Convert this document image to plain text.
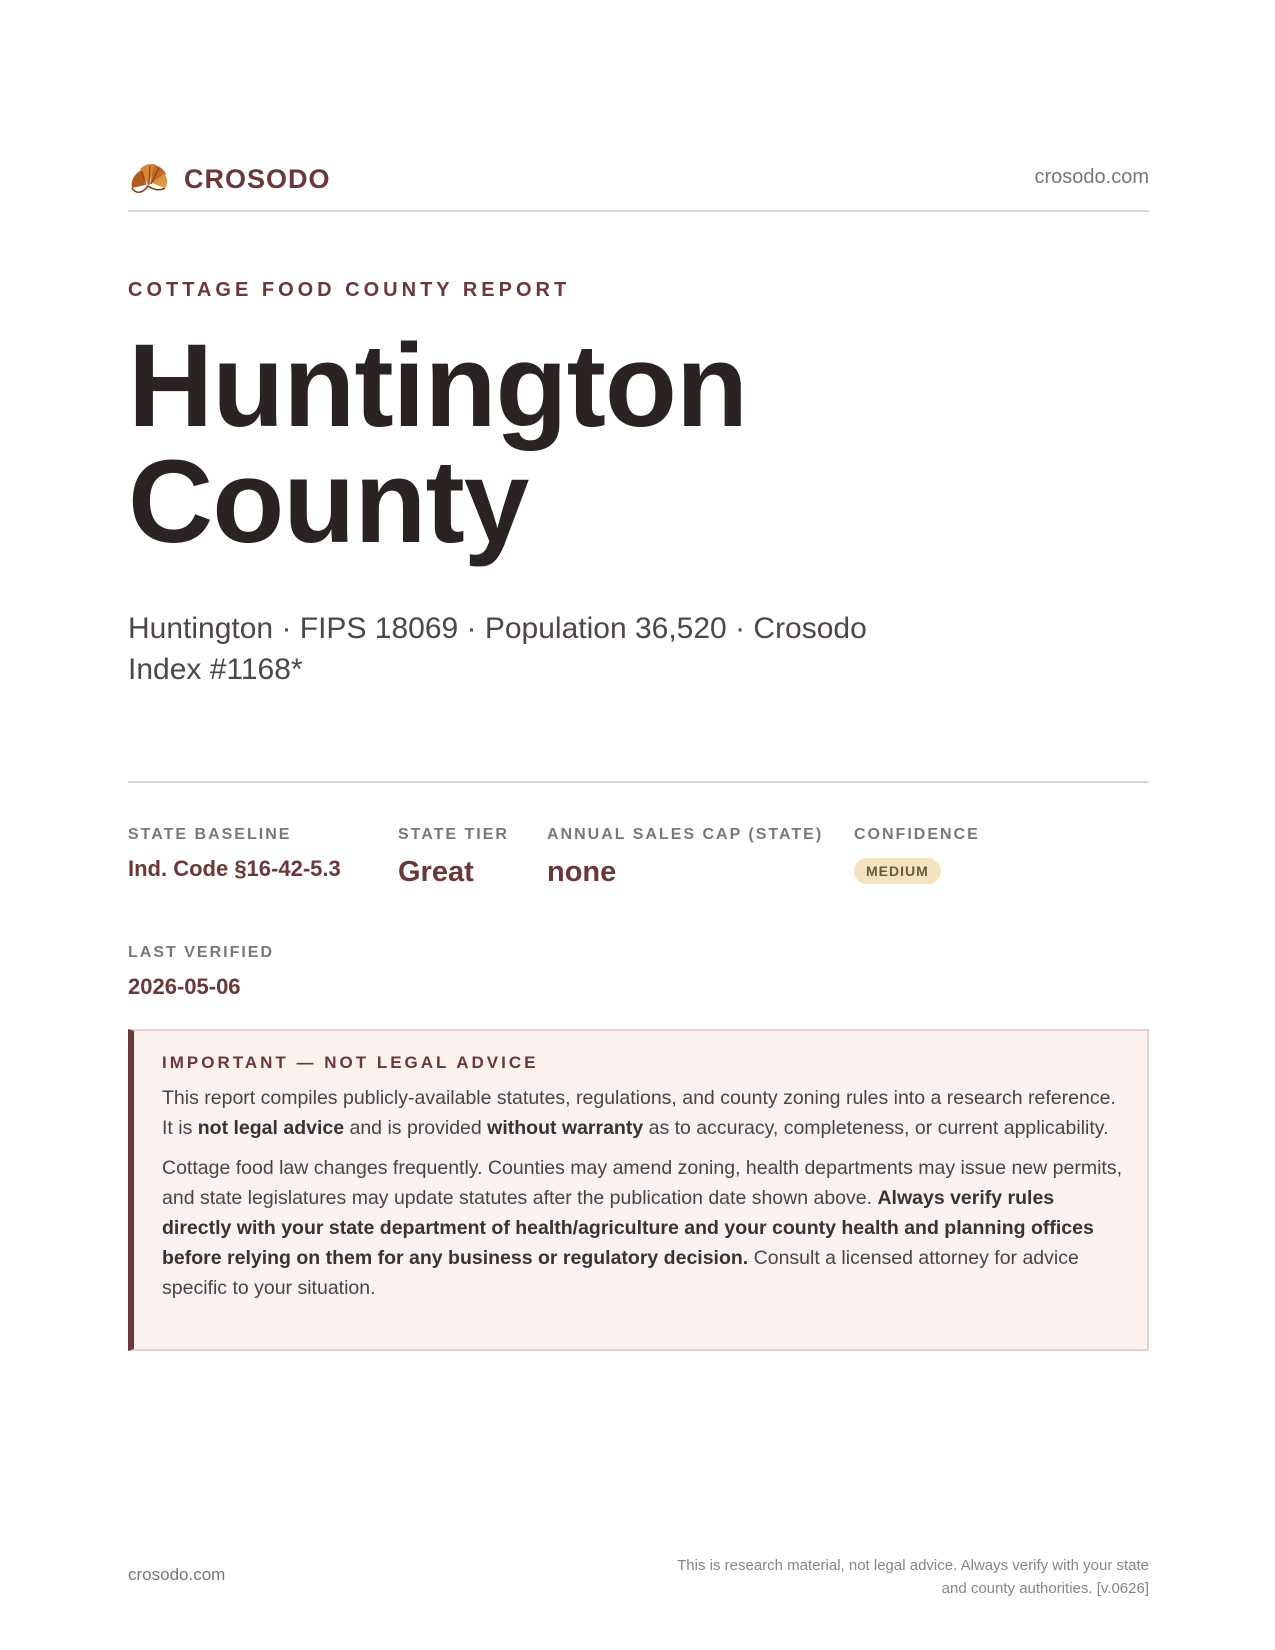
CROSODO	crosodo.com
COTTAGE FOOD COUNTY REPORT
Huntington
County
Huntington · FIPS 18069 · Population 36,520 · Crosodo Index #1168*
STATE BASELINE
Ind. Code §16-42-5.3
STATE TIER
Great
ANNUAL SALES CAP (STATE)
none
CONFIDENCE
MEDIUM
LAST VERIFIED
2026-05-06
IMPORTANT — NOT LEGAL ADVICE

This report compiles publicly-available statutes, regulations, and county zoning rules into a research reference. It is not legal advice and is provided without warranty as to accuracy, completeness, or current applicability.

Cottage food law changes frequently. Counties may amend zoning, health departments may issue new permits, and state legislatures may update statutes after the publication date shown above. Always verify rules directly with your state department of health/agriculture and your county health and planning offices before relying on them for any business or regulatory decision. Consult a licensed attorney for advice specific to your situation.

crosodo.com	This is research material, not legal advice. Always verify with your state
and county authorities. [v.0626]
